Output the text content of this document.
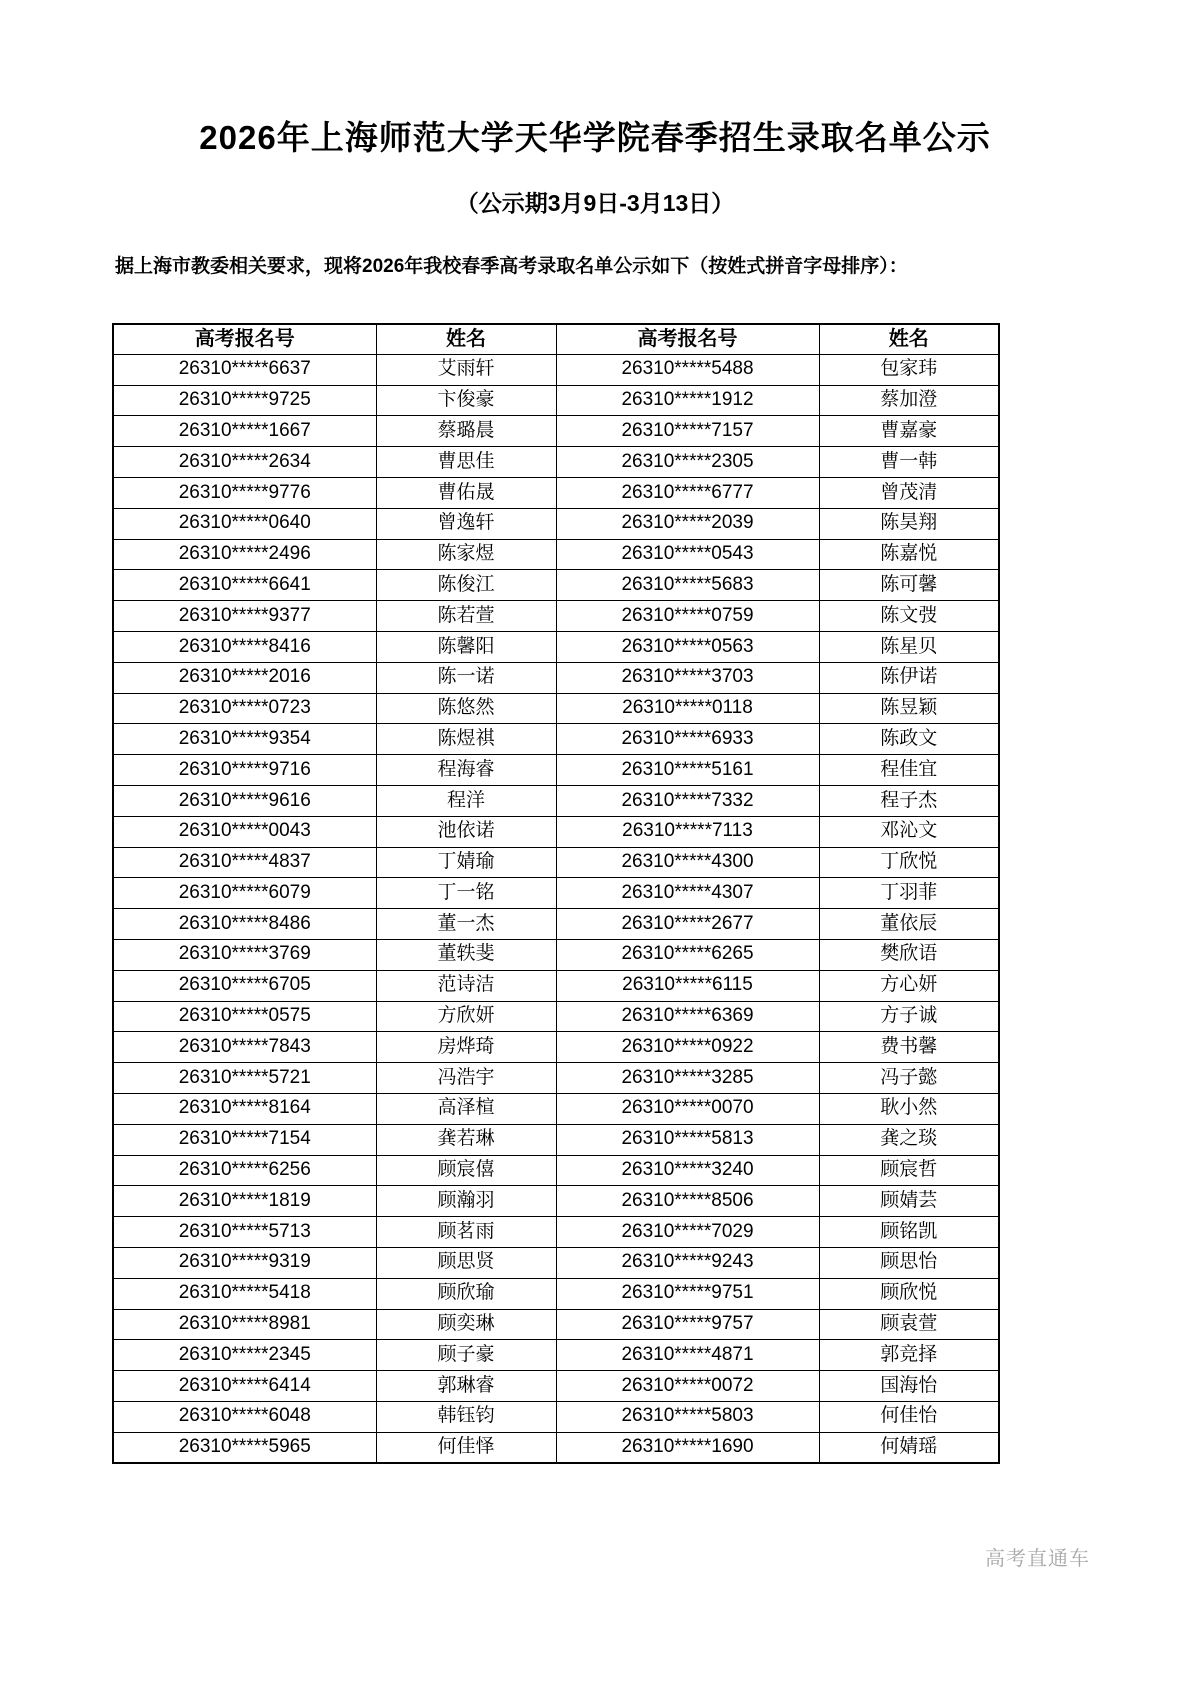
2026年上海师范大学天华学院春季招生录取名单公示
（公示期3月9日-3月13日）

据上海市教委相关要求，现将2026年我校春季高考录取名单公示如下（按姓式拼音字母排序）：

高考报名号	姓名	高考报名号	姓名
26310*****6637	艾雨轩	26310*****5488	包家玮
26310*****9725	卞俊豪	26310*****1912	蔡加澄
26310*****1667	蔡璐晨	26310*****7157	曹嘉豪
26310*****2634	曹思佳	26310*****2305	曹一韩
26310*****9776	曹佑晟	26310*****6777	曾茂清
26310*****0640	曾逸轩	26310*****2039	陈昊翔
26310*****2496	陈家煜	26310*****0543	陈嘉悦
26310*****6641	陈俊江	26310*****5683	陈可馨
26310*****9377	陈若萱	26310*****0759	陈文弢
26310*****8416	陈馨阳	26310*****0563	陈星贝
26310*****2016	陈一诺	26310*****3703	陈伊诺
26310*****0723	陈悠然	26310*****0118	陈昱颖
26310*****9354	陈煜祺	26310*****6933	陈政文
26310*****9716	程海睿	26310*****5161	程佳宜
26310*****9616	程洋	26310*****7332	程子杰
26310*****0043	池依诺	26310*****7113	邓沁文
26310*****4837	丁婧瑜	26310*****4300	丁欣悦
26310*****6079	丁一铭	26310*****4307	丁羽菲
26310*****8486	董一杰	26310*****2677	董依辰
26310*****3769	董轶斐	26310*****6265	樊欣语
26310*****6705	范诗洁	26310*****6115	方心妍
26310*****0575	方欣妍	26310*****6369	方子诚
26310*****7843	房烨琦	26310*****0922	费书馨
26310*****5721	冯浩宇	26310*****3285	冯子懿
26310*****8164	高泽楦	26310*****0070	耿小然
26310*****7154	龚若琳	26310*****5813	龚之琰
26310*****6256	顾宸僖	26310*****3240	顾宸哲
26310*****1819	顾瀚羽	26310*****8506	顾婧芸
26310*****5713	顾茗雨	26310*****7029	顾铭凯
26310*****9319	顾思贤	26310*****9243	顾思怡
26310*****5418	顾欣瑜	26310*****9751	顾欣悦
26310*****8981	顾奕琳	26310*****9757	顾袁萱
26310*****2345	顾子豪	26310*****4871	郭竞择
26310*****6414	郭琳睿	26310*****0072	国海怡
26310*****6048	韩钰钧	26310*****5803	何佳怡
26310*****5965	何佳怿	26310*****1690	何婧瑶
高考直通车
